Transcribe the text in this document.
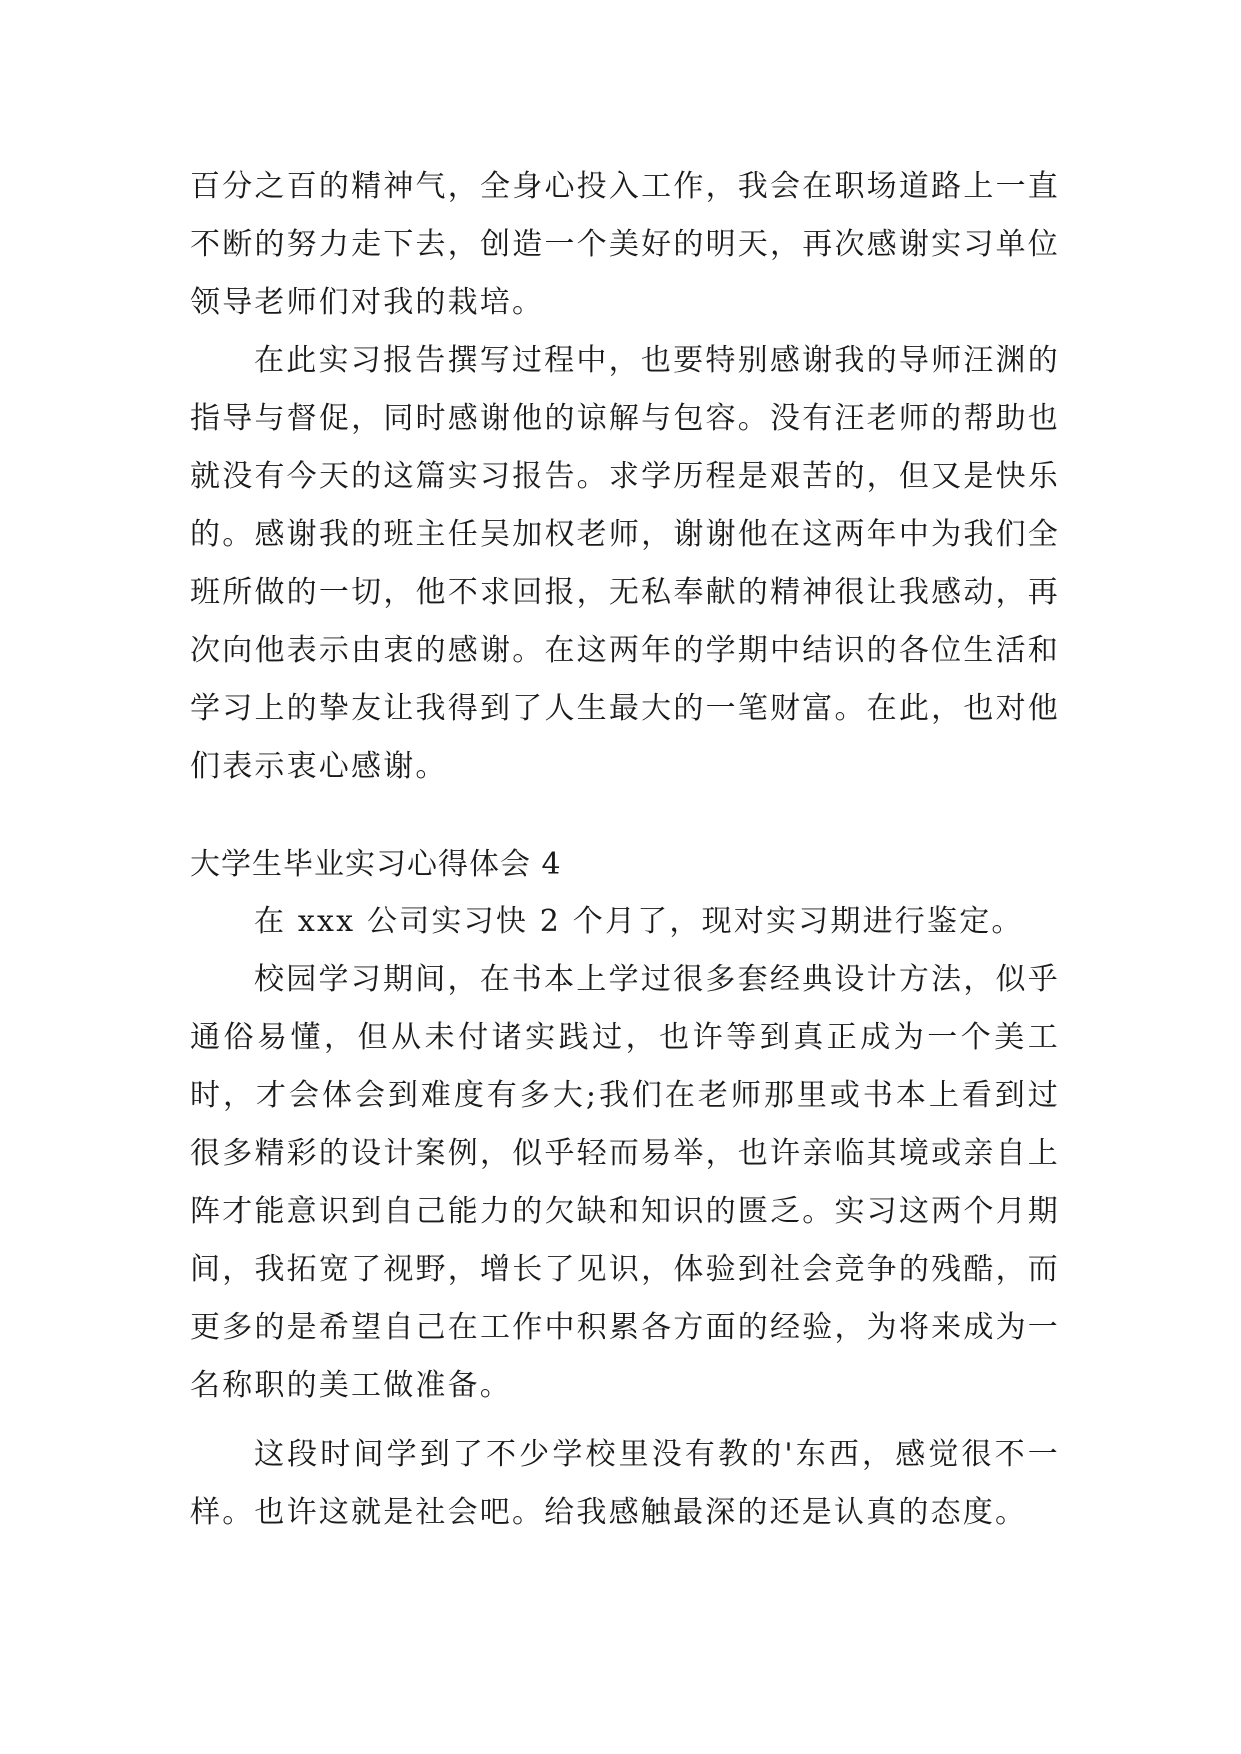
百分之百的精神气，全身心投入工作，我会在职场道路上一直不断的努力走下去，创造一个美好的明天，再次感谢实习单位领导老师们对我的栽培。

在此实习报告撰写过程中，也要特别感谢我的导师汪渊的指导与督促，同时感谢他的谅解与包容。没有汪老师的帮助也就没有今天的这篇实习报告。求学历程是艰苦的，但又是快乐的。感谢我的班主任吴加权老师，谢谢他在这两年中为我们全班所做的一切，他不求回报，无私奉献的精神很让我感动，再次向他表示由衷的感谢。在这两年的学期中结识的各位生活和学习上的挚友让我得到了人生最大的一笔财富。在此，也对他们表示衷心感谢。

大学生毕业实习心得体会 4

在 xxx 公司实习快 2 个月了，现对实习期进行鉴定。

校园学习期间，在书本上学过很多套经典设计方法，似乎通俗易懂，但从未付诸实践过，也许等到真正成为一个美工时，才会体会到难度有多大;我们在老师那里或书本上看到过很多精彩的设计案例，似乎轻而易举，也许亲临其境或亲自上阵才能意识到自己能力的欠缺和知识的匮乏。实习这两个月期间，我拓宽了视野，增长了见识，体验到社会竞争的残酷，而更多的是希望自己在工作中积累各方面的经验，为将来成为一名称职的美工做准备。

这段时间学到了不少学校里没有教的'东西，感觉很不一样。也许这就是社会吧。给我感触最深的还是认真的态度。
